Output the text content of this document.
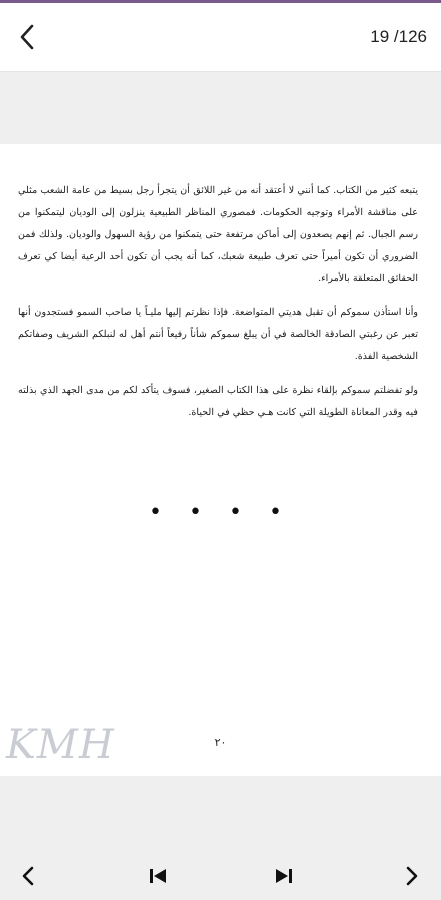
19 /126

يتبعه كثير من الكتاب. كما أنني لا أعتقد أنه من غير اللائق أن يتجرأ رجل بسيط من عامة الشعب مثلي على مناقشة الأمراء وتوجيه الحكومات. فمصوري المناظر الطبيعية ينزلون إلى الوديان ليتمكنوا من رسم الجبال. ثم إنهم يصعدون إلى أماكن مرتفعة حتى يتمكنوا من رؤية السهول والوديان. ولذلك فمن الضروري أن تكون أميراً حتى تعرف طبيعة شعبك، كما أنه يجب أن تكون أحد الرعية أيضا كي تعرف الحقائق المتعلقة بالأمراء.

وأنا استأذن سموكم أن تقبل هديتي المتواضعة. فإذا نظرتم إليها مليـاً يا صاحب السمو فستجدون أنها تعبر عن رغبتي الصادقة الخالصة في أن يبلغ سموكم شأناً رفيعاً أنتم أهل له لنبلكم الشريف وصفاتكم الشخصية الفذة.

ولو تفضلتم سموكم بإلقاء نظرة على هذا الكتاب الصغير، فسوف يتأكد لكم من مدى الجهد الذي بذلته فيه وقدر المعاناة الطويلة التي كانت هـي حظي في الحياة.

• • • •
KMH	٢٠
